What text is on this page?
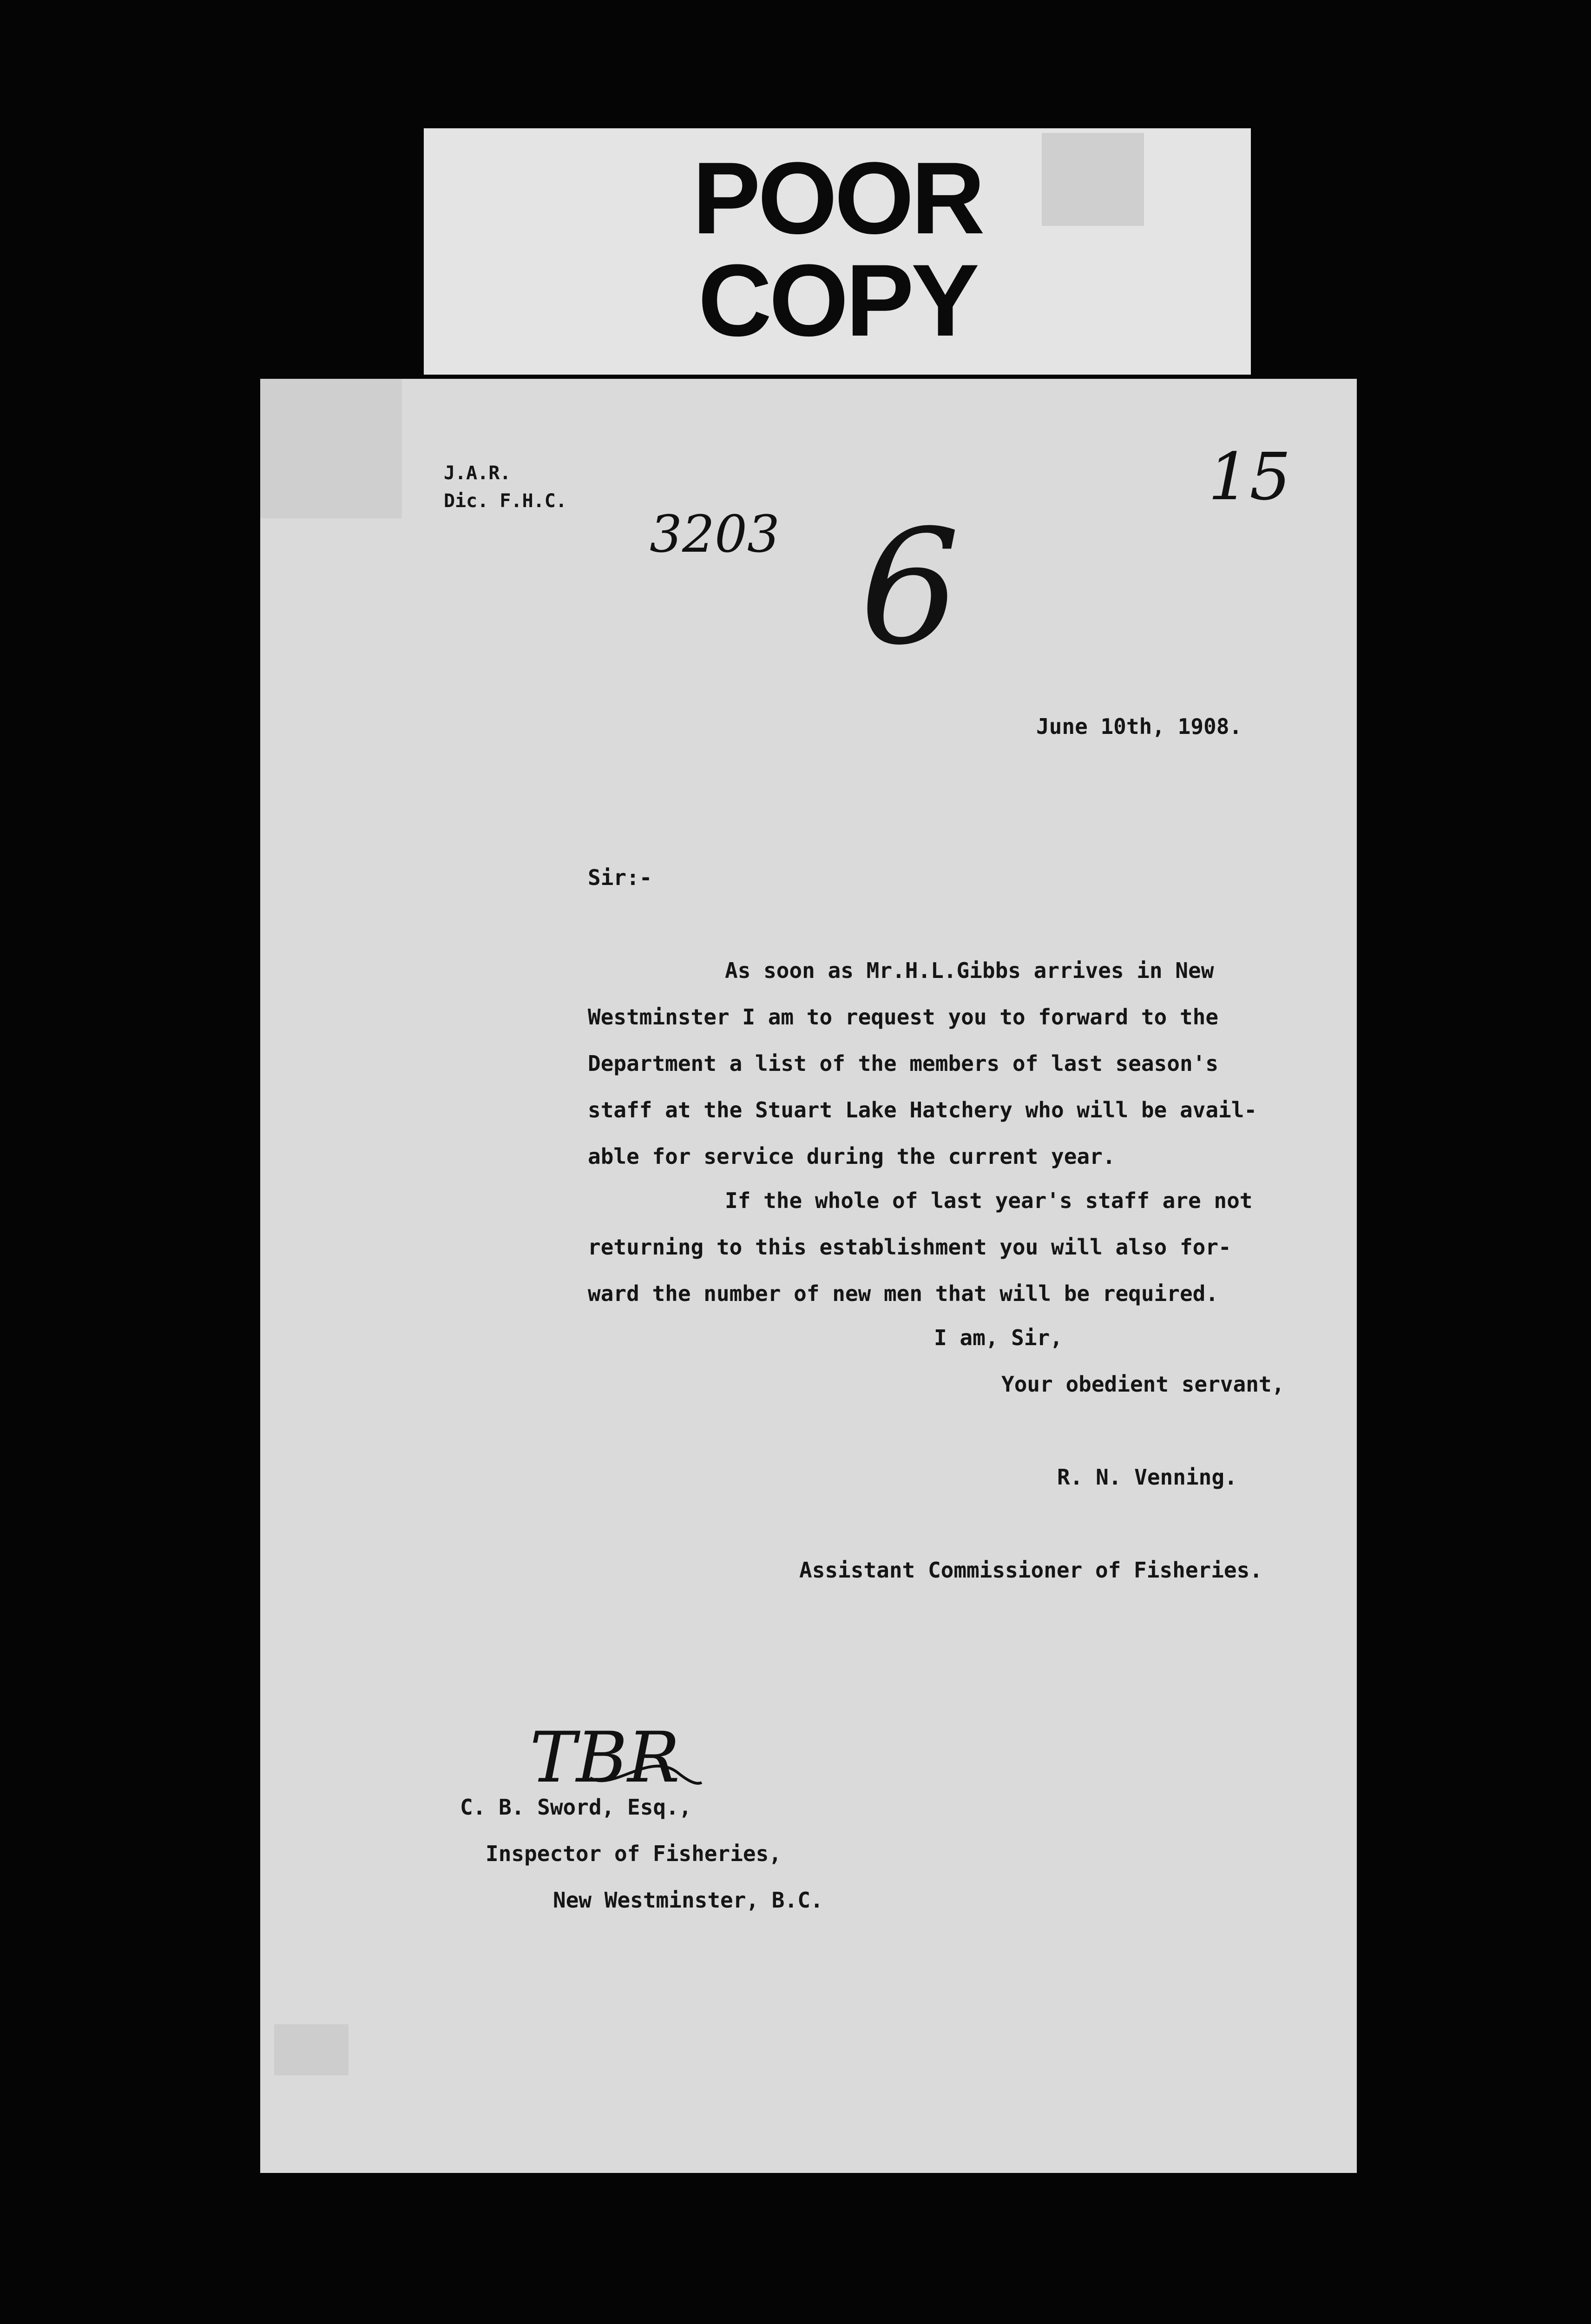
POOR
COPY
J.A.R.
Dic. F.H.C.
3203 6
15
June 10th, 1908.
Sir:-
As soon as Mr.H.L.Gibbs arrives in New
Westminster I am to request you to forward to the
Department a list of the members of last season's
staff at the Stuart Lake Hatchery who will be avail-
able for service during the current year.
If the whole of last year's staff are not
returning to this establishment you will also for-
ward the number of new men that will be required.
I am, Sir,
Your obedient servant,
R. N. Venning.
Assistant Commissioner of Fisheries.
TBR
C. B. Sword, Esq.,
Inspector of Fisheries,
New Westminster, B.C.
